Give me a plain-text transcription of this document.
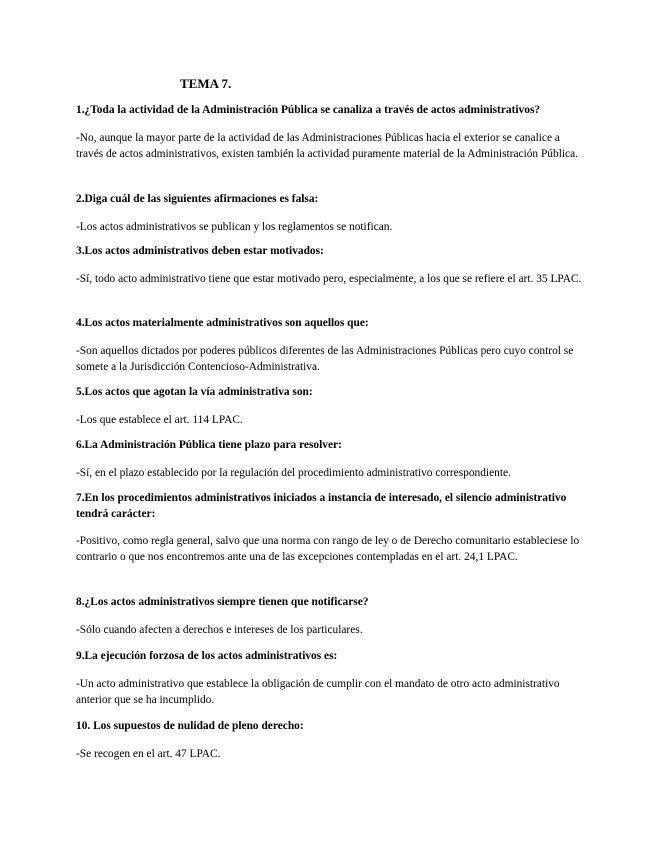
TEMA 7.

1.¿Toda la actividad de la Administración Pública se canaliza a través de actos administrativos?

-No, aunque la mayor parte de la actividad de las Administraciones Públicas hacia el exterior se canalice a través de actos administrativos, existen también la actividad puramente material de la Administración Pública.

2.Diga cuál de las siguientes afirmaciones es falsa:

-Los actos administrativos se publican y los reglamentos se notifican.

3.Los actos administrativos deben estar motivados:

-Sí, todo acto administrativo tiene que estar motivado pero, especialmente, a los que se refiere el art. 35 LPAC.

4.Los actos materialmente administrativos son aquellos que:

-Son aquellos dictados por poderes públicos diferentes de las Administraciones Públicas pero cuyo control se somete a la Jurisdicción Contencioso-Administrativa.

5.Los actos que agotan la vía administrativa son:

-Los que establece el art. 114 LPAC.

6.La Administración Pública tiene plazo para resolver:

-Sí, en el plazo establecido por la regulación del procedimiento administrativo correspondiente.

7.En los procedimientos administrativos iniciados a instancia de interesado, el silencio administrativo tendrá carácter:

-Positivo, como regla general, salvo que una norma con rango de ley o de Derecho comunitario estableciese lo contrario o que nos encontremos ante una de las excepciones contempladas en el art. 24,1 LPAC.

8.¿Los actos administrativos siempre tienen que notificarse?

-Sólo cuando afecten a derechos e intereses de los particulares.

9.La ejecución forzosa de los actos administrativos es:

-Un acto administrativo que establece la obligación de cumplir con el mandato de otro acto administrativo anterior que se ha incumplido.

10. Los supuestos de nulidad de pleno derecho:

-Se recogen en el art. 47 LPAC.
